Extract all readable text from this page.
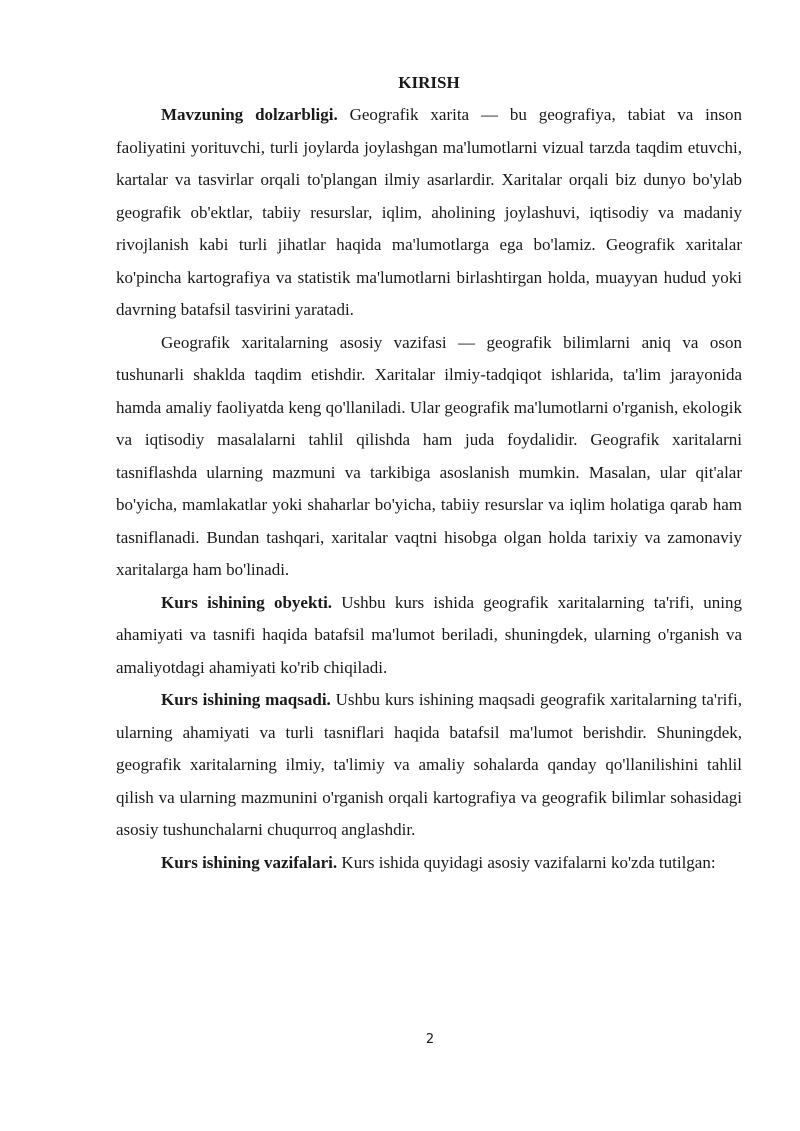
KIRISH

Mavzuning dolzarbligi. Geografik xarita — bu geografiya, tabiat va inson faoliyatini yorituvchi, turli joylarda joylashgan ma'lumotlarni vizual tarzda taqdim etuvchi, kartalar va tasvirlar orqali to'plangan ilmiy asarlardir. Xaritalar orqali biz dunyo bo'ylab geografik ob'ektlar, tabiiy resurslar, iqlim, aholining joylashuvi, iqtisodiy va madaniy rivojlanish kabi turli jihatlar haqida ma'lumotlarga ega bo'lamiz. Geografik xaritalar ko'pincha kartografiya va statistik ma'lumotlarni birlashtirgan holda, muayyan hudud yoki davrning batafsil tasvirini yaratadi.

Geografik xaritalarning asosiy vazifasi — geografik bilimlarni aniq va oson tushunarli shaklda taqdim etishdir. Xaritalar ilmiy-tadqiqot ishlarida, ta'lim jarayonida hamda amaliy faoliyatda keng qo'llaniladi. Ular geografik ma'lumotlarni o'rganish, ekologik va iqtisodiy masalalarni tahlil qilishda ham juda foydalidir. Geografik xaritalarni tasniflashda ularning mazmuni va tarkibiga asoslanish mumkin. Masalan, ular qit'alar bo'yicha, mamlakatlar yoki shaharlar bo'yicha, tabiiy resurslar va iqlim holatiga qarab ham tasniflanadi. Bundan tashqari, xaritalar vaqtni hisobga olgan holda tarixiy va zamonaviy xaritalarga ham bo'linadi.

Kurs ishining obyekti. Ushbu kurs ishida geografik xaritalarning ta'rifi, uning ahamiyati va tasnifi haqida batafsil ma'lumot beriladi, shuningdek, ularning o'rganish va amaliyotdagi ahamiyati ko'rib chiqiladi.

Kurs ishining maqsadi. Ushbu kurs ishining maqsadi geografik xaritalarning ta'rifi, ularning ahamiyati va turli tasniflari haqida batafsil ma'lumot berishdir. Shuningdek, geografik xaritalarning ilmiy, ta'limiy va amaliy sohalarda qanday qo'llanilishini tahlil qilish va ularning mazmunini o'rganish orqali kartografiya va geografik bilimlar sohasidagi asosiy tushunchalarni chuqurroq anglashdir.

Kurs ishining vazifalari. Kurs ishida quyidagi asosiy vazifalarni ko'zda tutilgan:

2
